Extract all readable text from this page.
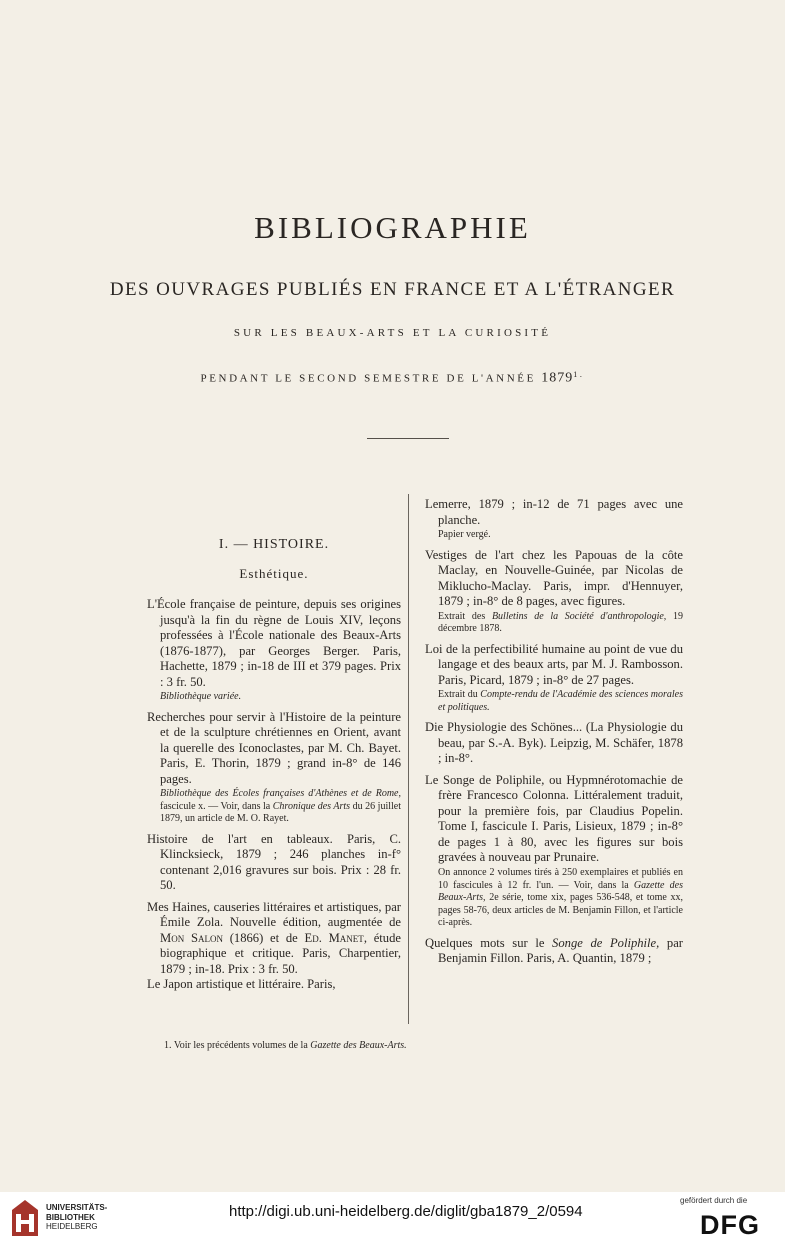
BIBLIOGRAPHIE
DES OUVRAGES PUBLIÉS EN FRANCE ET A L'ÉTRANGER
SUR LES BEAUX-ARTS ET LA CURIOSITÉ
PENDANT LE SECOND SEMESTRE DE L'ANNÉE $1879^{1.}$
I. — HISTOIRE.
Esthétique.

L'École française de peinture, depuis ses origines jusqu'à la fin du règne de Louis XIV, leçons professées à l'École nationale des Beaux-Arts (1876-1877), par Georges Berger. Paris, Hachette, 1879 ; in-18 de III et 379 pages. Prix : 3 fr. 50.

Bibliothèque variée.

Recherches pour servir à l'Histoire de la peinture et de la sculpture chrétiennes en Orient, avant la querelle des Iconoclastes, par M. Ch. Bayet. Paris, E. Thorin, 1879 ; grand in-8° de 146 pages.

Bibliothèque des Écoles françaises d'Athènes et de Rome, fascicule x. — Voir, dans la Chronique des Arts du 26 juillet 1879, un article de M. O. Rayet.

Histoire de l'art en tableaux. Paris, C. Klincksieck, 1879 ; 246 planches in-f° contenant 2,016 gravures sur bois. Prix : 28 fr. 50.

Mes Haines, causeries littéraires et artistiques, par Émile Zola. Nouvelle édition, augmentée de Mon Salon (1866) et de Ed. Manet, étude biographique et critique. Paris, Charpentier, 1879 ; in-18. Prix : 3 fr. 50.

Le Japon artistique et littéraire. Paris,

Lemerre, 1879 ; in-12 de 71 pages avec une planche.

Papier vergé.

Vestiges de l'art chez les Papouas de la côte Maclay, en Nouvelle-Guinée, par Nicolas de Miklucho-Maclay. Paris, impr. d'Hennuyer, 1879 ; in-8° de 8 pages, avec figures.

Extrait des Bulletins de la Société d'anthropologie, 19 décembre 1878.

Loi de la perfectibilité humaine au point de vue du langage et des beaux arts, par M. J. Rambosson. Paris, Picard, 1879 ; in-8° de 27 pages.

Extrait du Compte-rendu de l'Académie des sciences morales et politiques.

Die Physiologie des Schönes... (La Physiologie du beau, par S.-A. Byk). Leipzig, M. Schäfer, 1878 ; in-8°.

Le Songe de Poliphile, ou Hypmnérotomachie de frère Francesco Colonna. Littéralement traduit, pour la première fois, par Claudius Popelin. Tome I, fascicule I. Paris, Lisieux, 1879 ; in-8° de pages 1 à 80, avec les figures sur bois gravées à nouveau par Prunaire.

On annonce 2 volumes tirés à 250 exemplaires et publiés en 10 fascicules à 12 fr. l'un. — Voir, dans la Gazette des Beaux-Arts, 2e série, tome xix, pages 536-548, et tome xx, pages 58-76, deux articles de M. Benjamin Fillon, et l'article ci-après.

Quelques mots sur le Songe de Poliphile, par Benjamin Fillon. Paris, A. Quantin, 1879 ;

1. Voir les précédents volumes de la Gazette des Beaux-Arts.
UNIVERSITÄTS-
BIBLIOTHEK
HEIDELBERG
http://digi.ub.uni-heidelberg.de/diglit/gba1879_2/0594
gefördert durch die
DFG
